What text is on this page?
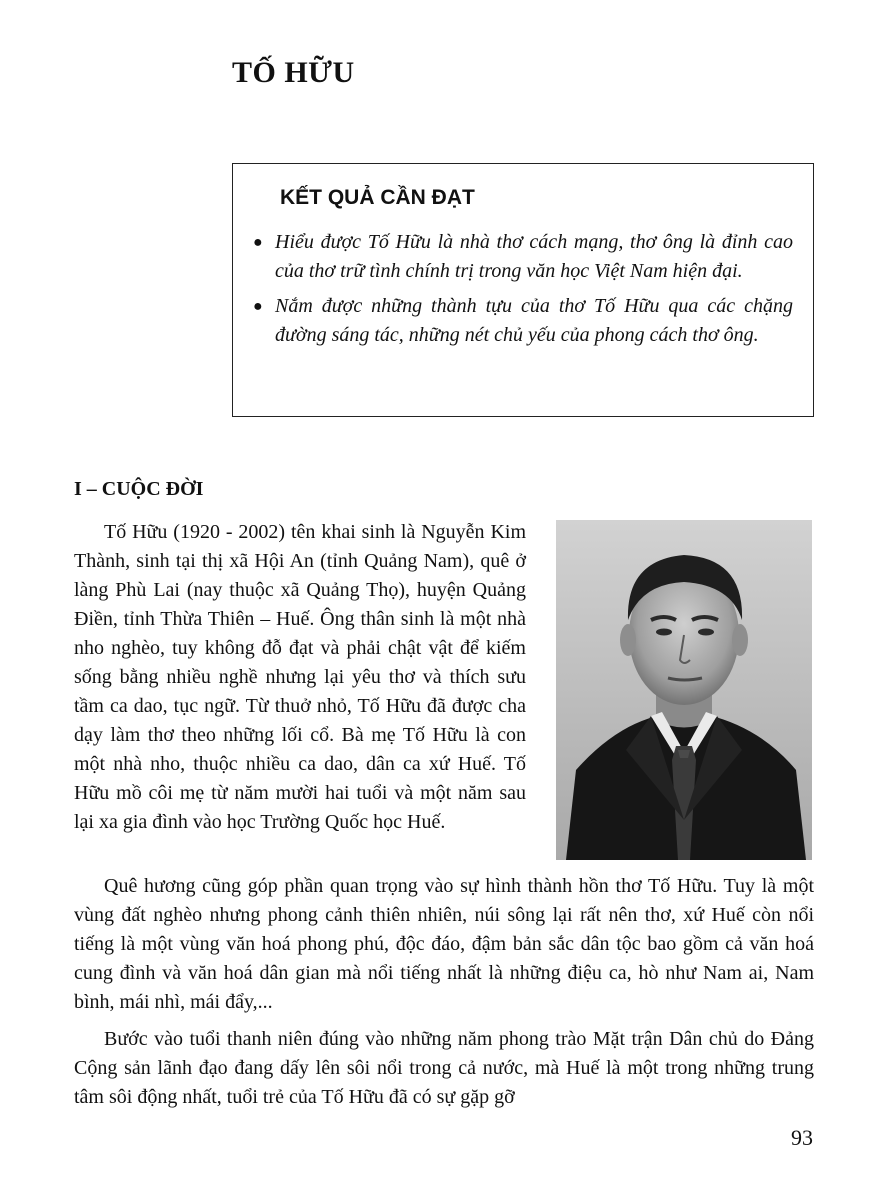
TỐ HỮU
KẾT QUẢ CẦN ĐẠT
● Hiểu được Tố Hữu là nhà thơ cách mạng, thơ ông là đỉnh cao của thơ trữ tình chính trị trong văn học Việt Nam hiện đại.
● Nắm được những thành tựu của thơ Tố Hữu qua các chặng đường sáng tác, những nét chủ yếu của phong cách thơ ông.
I – CUỘC ĐỜI

Tố Hữu (1920 - 2002) tên khai sinh là Nguyễn Kim Thành, sinh tại thị xã Hội An (tỉnh Quảng Nam), quê ở làng Phù Lai (nay thuộc xã Quảng Thọ), huyện Quảng Điền, tỉnh Thừa Thiên – Huế. Ông thân sinh là một nhà nho nghèo, tuy không đỗ đạt và phải chật vật để kiếm sống bằng nhiều nghề nhưng lại yêu thơ và thích sưu tầm ca dao, tục ngữ. Từ thuở nhỏ, Tố Hữu đã được cha dạy làm thơ theo những lối cổ. Bà mẹ Tố Hữu là con một nhà nho, thuộc nhiều ca dao, dân ca xứ Huế. Tố Hữu mồ côi mẹ từ năm mười hai tuổi và một năm sau lại xa gia đình vào học Trường Quốc học Huế.

Quê hương cũng góp phần quan trọng vào sự hình thành hồn thơ Tố Hữu. Tuy là một vùng đất nghèo nhưng phong cảnh thiên nhiên, núi sông lại rất nên thơ, xứ Huế còn nổi tiếng là một vùng văn hoá phong phú, độc đáo, đậm bản sắc dân tộc bao gồm cả văn hoá cung đình và văn hoá dân gian mà nổi tiếng nhất là những điệu ca, hò như Nam ai, Nam bình, mái nhì, mái đẩy,...

Bước vào tuổi thanh niên đúng vào những năm phong trào Mặt trận Dân chủ do Đảng Cộng sản lãnh đạo đang dấy lên sôi nổi trong cả nước, mà Huế là một trong những trung tâm sôi động nhất, tuổi trẻ của Tố Hữu đã có sự gặp gỡ

93
